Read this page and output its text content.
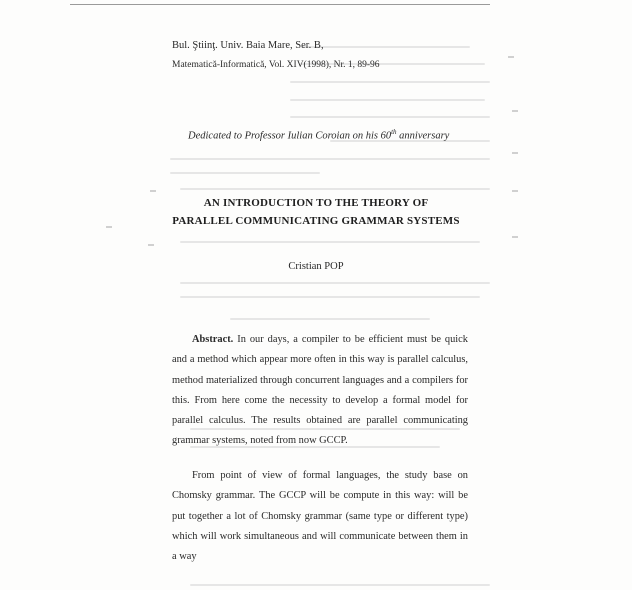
Bul. Ştiinţ. Univ. Baia Mare, Ser. B,
Matematică-Informatică, Vol. XIV(1998), Nr. 1, 89-96
Dedicated to Professor Iulian Coroian on his 60th anniversary
AN INTRODUCTION TO THE THEORY OF
PARALLEL COMMUNICATING GRAMMAR SYSTEMS
Cristian POP
Abstract. In our days, a compiler to be efficient must be quick and a method which appear more often in this way is parallel calculus, method materialized through concurrent languages and a compilers for this. From here come the necessity to develop a formal model for parallel calculus. The results obtained are parallel communicating grammar systems, noted from now GCCP.
From point of view of formal languages, the study base on Chomsky grammar. The GCCP will be compute in this way: will be put together a lot of Chomsky grammar (same type or different type) which will work simultaneous and will communicate between them in a way
